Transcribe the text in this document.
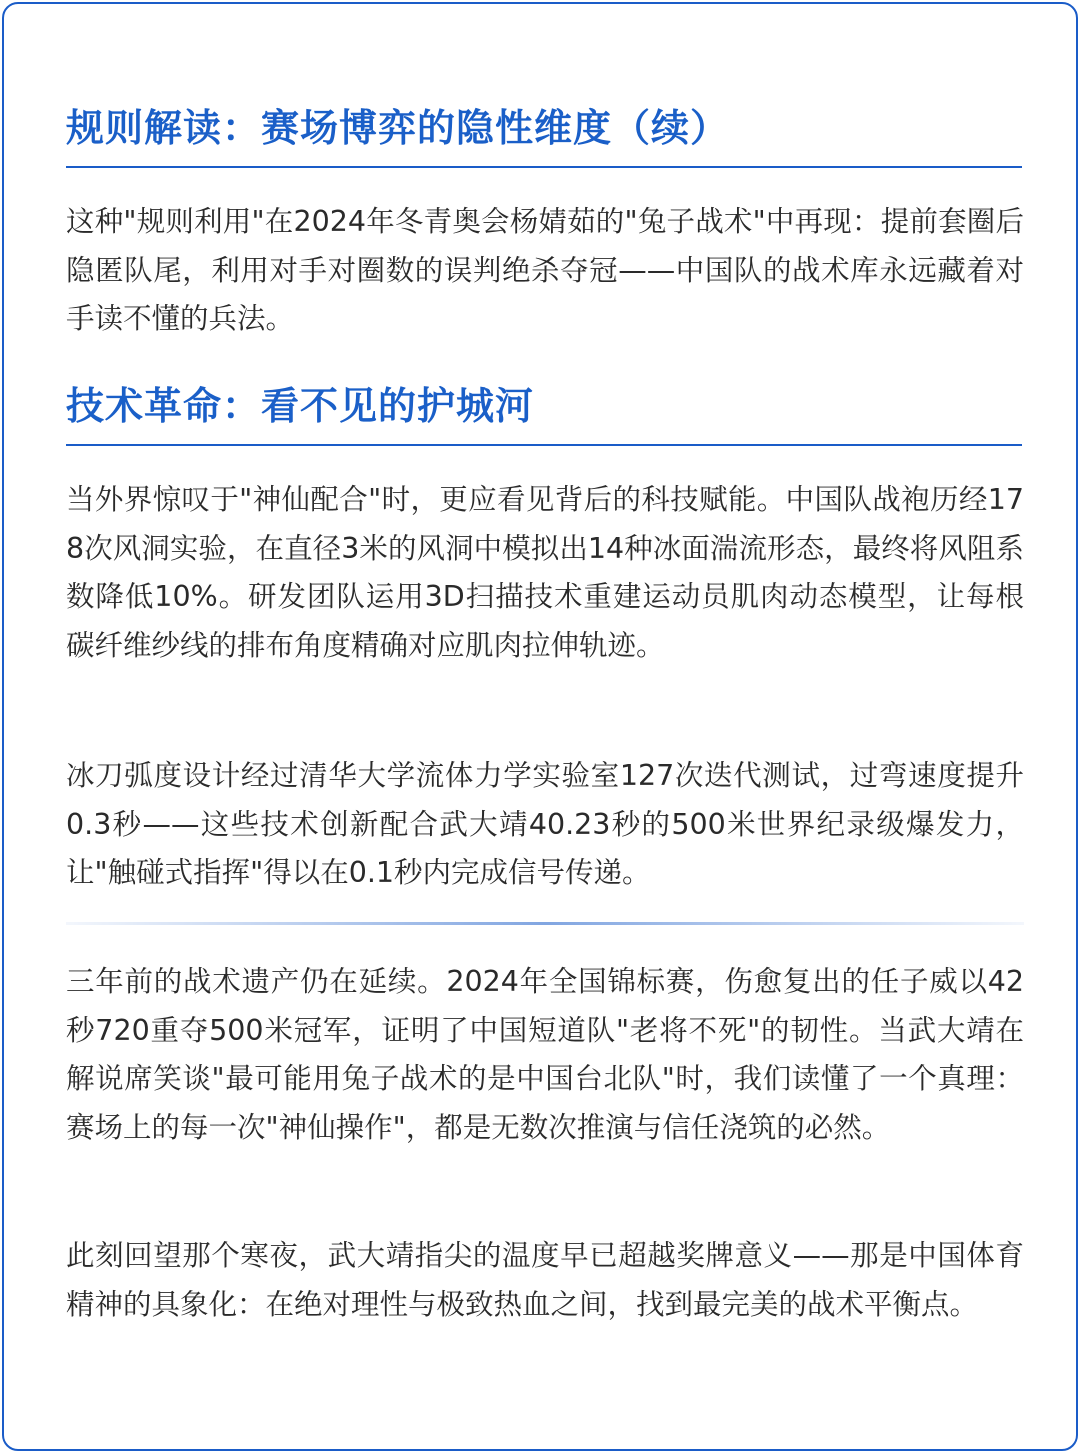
规则解读：赛场博弈的隐性维度（续）

这种"规则利用"在2024年冬青奥会杨婧茹的"兔子战术"中再现：提前套圈后隐匿队尾，利用对手对圈数的误判绝杀夺冠——中国队的战术库永远藏着对手读不懂的兵法。

技术革命：看不见的护城河

当外界惊叹于"神仙配合"时，更应看见背后的科技赋能。中国队战袍历经178次风洞实验，在直径3米的风洞中模拟出14种冰面湍流形态，最终将风阻系数降低10%。研发团队运用3D扫描技术重建运动员肌肉动态模型，让每根碳纤维纱线的排布角度精确对应肌肉拉伸轨迹。

冰刀弧度设计经过清华大学流体力学实验室127次迭代测试，过弯速度提升0.3秒——这些技术创新配合武大靖40.23秒的500米世界纪录级爆发力，让"触碰式指挥"得以在0.1秒内完成信号传递。

三年前的战术遗产仍在延续。2024年全国锦标赛，伤愈复出的任子威以42秒720重夺500米冠军，证明了中国短道队"老将不死"的韧性。当武大靖在解说席笑谈"最可能用兔子战术的是中国台北队"时，我们读懂了一个真理：赛场上的每一次"神仙操作"，都是无数次推演与信任浇筑的必然。

此刻回望那个寒夜，武大靖指尖的温度早已超越奖牌意义——那是中国体育精神的具象化：在绝对理性与极致热血之间，找到最完美的战术平衡点。
